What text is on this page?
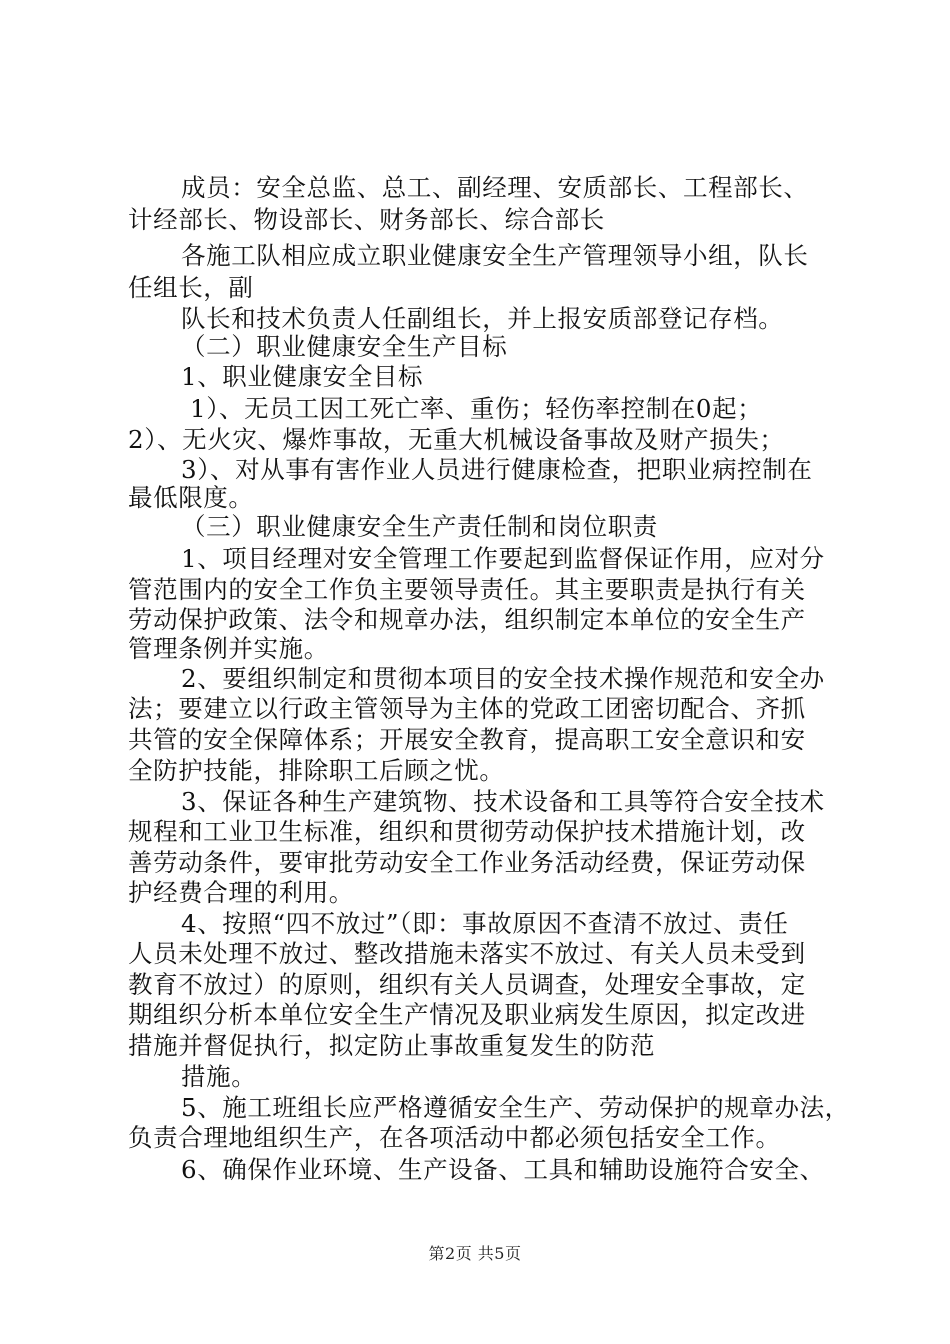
成员：安全总监、总工、副经理、安质部长、工程部长、
计经部长、物设部长、财务部长、综合部长
各施工队相应成立职业健康安全生产管理领导小组，队长
任组长，副
队长和技术负责人任副组长，并上报安质部登记存档。
（二）职业健康安全生产目标
1、职业健康安全目标
1）、无员工因工死亡率、重伤；轻伤率控制在0起；
2）、无火灾、爆炸事故，无重大机械设备事故及财产损失；
3）、对从事有害作业人员进行健康检查，把职业病控制在
最低限度。
（三）职业健康安全生产责任制和岗位职责
1、项目经理对安全管理工作要起到监督保证作用，应对分
管范围内的安全工作负主要领导责任。其主要职责是执行有关
劳动保护政策、法令和规章办法，组织制定本单位的安全生产
管理条例并实施。
2、要组织制定和贯彻本项目的安全技术操作规范和安全办
法；要建立以行政主管领导为主体的党政工团密切配合、齐抓
共管的安全保障体系；开展安全教育，提高职工安全意识和安
全防护技能，排除职工后顾之忧。
3、保证各种生产建筑物、技术设备和工具等符合安全技术
规程和工业卫生标准，组织和贯彻劳动保护技术措施计划，改
善劳动条件，要审批劳动安全工作业务活动经费，保证劳动保
护经费合理的利用。
4、按照“四不放过”（即：事故原因不查清不放过、责任
人员未处理不放过、整改措施未落实不放过、有关人员未受到
教育不放过）的原则，组织有关人员调查，处理安全事故，定
期组织分析本单位安全生产情况及职业病发生原因，拟定改进
措施并督促执行，拟定防止事故重复发生的防范
措施。
5、施工班组长应严格遵循安全生产、劳动保护的规章办法，
负责合理地组织生产，在各项活动中都必须包括安全工作。
6、确保作业环境、生产设备、工具和辅助设施符合安全、
第2页 共5页
